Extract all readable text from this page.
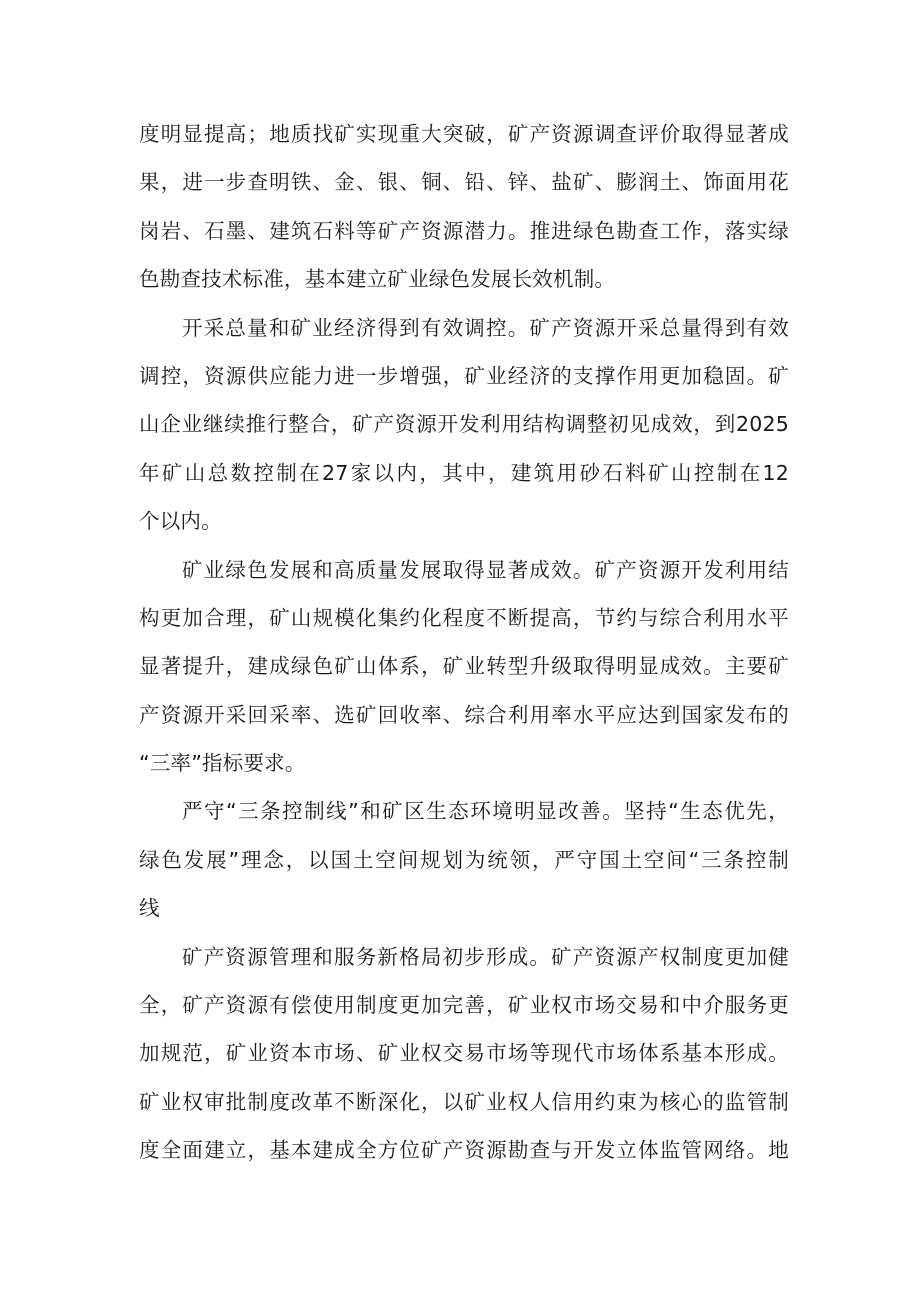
度明显提高；地质找矿实现重大突破，矿产资源调查评价取得显著成
果，进一步查明铁、金、银、铜、铅、锌、盐矿、膨润土、饰面用花
岗岩、石墨、建筑石料等矿产资源潜力。推进绿色勘查工作，落实绿
色勘查技术标准，基本建立矿业绿色发展长效机制。
开采总量和矿业经济得到有效调控。矿产资源开采总量得到有效
调控，资源供应能力进一步增强，矿业经济的支撑作用更加稳固。矿
山企业继续推行整合，矿产资源开发利用结构调整初见成效，到2025
年矿山总数控制在27家以内，其中，建筑用砂石料矿山控制在12
个以内。
矿业绿色发展和高质量发展取得显著成效。矿产资源开发利用结
构更加合理，矿山规模化集约化程度不断提高，节约与综合利用水平
显著提升，建成绿色矿山体系，矿业转型升级取得明显成效。主要矿
产资源开采回采率、选矿回收率、综合利用率水平应达到国家发布的
“三率”指标要求。
严守“三条控制线”和矿区生态环境明显改善。坚持“生态优先，
绿色发展”理念，以国土空间规划为统领，严守国土空间“三条控制
线
矿产资源管理和服务新格局初步形成。矿产资源产权制度更加健
全，矿产资源有偿使用制度更加完善，矿业权市场交易和中介服务更
加规范，矿业资本市场、矿业权交易市场等现代市场体系基本形成。
矿业权审批制度改革不断深化，以矿业权人信用约束为核心的监管制
度全面建立，基本建成全方位矿产资源勘查与开发立体监管网络。地
